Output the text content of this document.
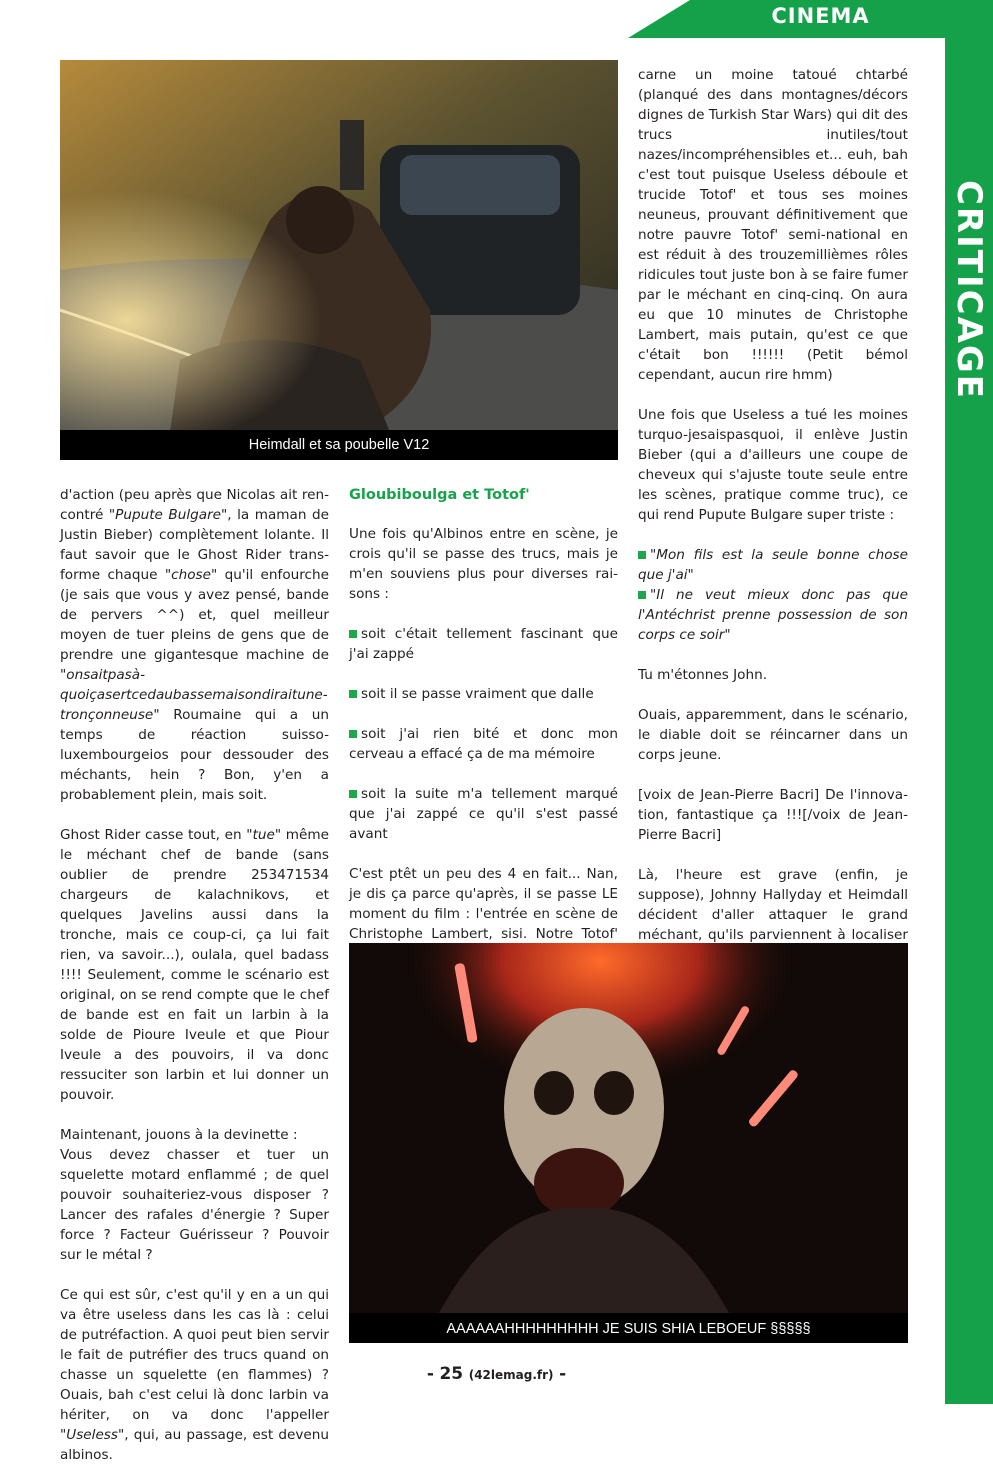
CINEMA
CRITICAGE
Heimdall et sa poubelle V12

d'action (peu après que Nicolas ait rencontré "Pupute Bulgare", la maman de Justin Bieber) complètement lolante. Il faut savoir que le Ghost Rider transforme chaque "chose" qu'il enfourche (je sais que vous y avez pensé, bande de pervers ^^) et, quel meilleur moyen de tuer pleins de gens que de prendre une gigantesque machine de "onsaitpasàquoiçasertcedaubassemaisondiraitunetronçonneuse" Roumaine qui a un temps de réaction suisso-luxembourgeios pour dessouder des méchants, hein ? Bon, y'en a probablement plein, mais soit.

Ghost Rider casse tout, en "tue" même le méchant chef de bande (sans oublier de prendre 253471534 chargeurs de kalachnikovs, et quelques Javelins aussi dans la tronche, mais ce coup-ci, ça lui fait rien, va savoir...), oulala, quel badass !!!! Seulement, comme le scénario est original, on se rend compte que le chef de bande est en fait un larbin à la solde de Pioure Iveule et que Piour Iveule a des pouvoirs, il va donc ressuciter son larbin et lui donner un pouvoir.

Maintenant, jouons à la devinette :
Vous devez chasser et tuer un squelette motard enflammé ; de quel pouvoir souhaiteriez-vous disposer ? Lancer des rafales d'énergie ? Super force ? Facteur Guérisseur ? Pouvoir sur le métal ?

Ce qui est sûr, c'est qu'il y en a un qui va être useless dans les cas là : celui de putréfaction. A quoi peut bien servir le fait de putréfier des trucs quand on chasse un squelette (en flammes) ? Ouais, bah c'est celui là donc larbin va hériter, on va donc l'appeller "Useless", qui, au passage, est devenu albinos.

Gloubiboulga et Totof'

Une fois qu'Albinos entre en scène, je crois qu'il se passe des trucs, mais je m'en souviens plus pour diverses raisons :

soit c'était tellement fascinant que j'ai zappé

soit il se passe vraiment que dalle

soit j'ai rien bité et donc mon cerveau a effacé ça de ma mémoire

soit la suite m'a tellement marqué que j'ai zappé ce qu'il s'est passé avant

C'est ptêt un peu des 4 en fait... Nan, je dis ça parce qu'après, il se passe LE moment du film : l'entrée en scène de Christophe Lambert, sisi. Notre Totof'

carne un moine tatoué chtarbé (planqué des dans montagnes/décors dignes de Turkish Star Wars) qui dit des trucs inutiles/tout nazes/incompréhensibles et... euh, bah c'est tout puisque Useless déboule et trucide Totof' et tous ses moines neuneus, prouvant définitivement que notre pauvre Totof' semi-national en est réduit à des trouzemillièmes rôles ridicules tout juste bon à se faire fumer par le méchant en cinq-cinq. On aura eu que 10 minutes de Christophe Lambert, mais putain, qu'est ce que c'était bon !!!!!! (Petit bémol cependant, aucun rire hmm)

Une fois que Useless a tué les moines turquo-jesaispasquoi, il enlève Justin Bieber (qui a d'ailleurs une coupe de cheveux qui s'ajuste toute seule entre les scènes, pratique comme truc), ce qui rend Pupute Bulgare super triste :

"Mon fils est la seule bonne chose que j'ai"

"Il ne veut mieux donc pas que l'Antéchrist prenne possession de son corps ce soir"

Tu m'étonnes John.

Ouais, apparemment, dans le scénario, le diable doit se réincarner dans un corps jeune.

[voix de Jean-Pierre Bacri] De l'innovation, fantastique ça !!![/voix de Jean-Pierre Bacri]

Là, l'heure est grave (enfin, je suppose), Johnny Hallyday et Heimdall décident d'aller attaquer le grand méchant, qu'ils parviennent à localiser

AAAAAAHHHHHHHHH JE SUIS SHIA LEBOEUF §§§§§
- 25 (42lemag.fr) -
